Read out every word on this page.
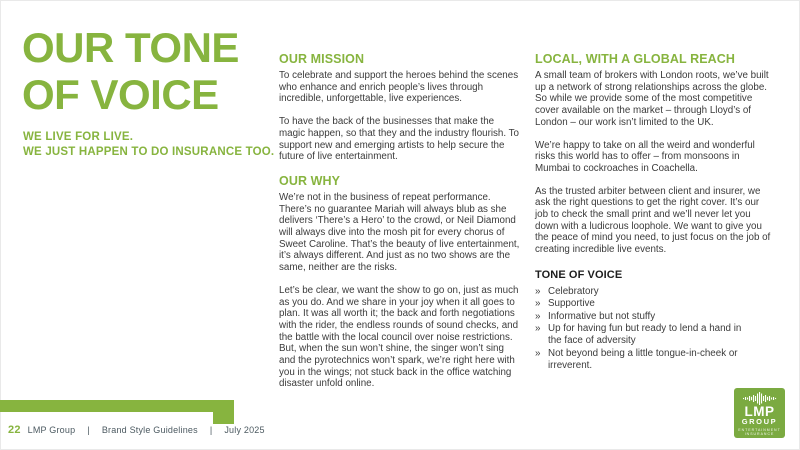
OUR TONE
OF VOICE
WE LIVE FOR LIVE.
WE JUST HAPPEN TO DO INSURANCE TOO.
OUR MISSION

To celebrate and support the heroes behind the scenes who enhance and enrich people’s lives through incredible, unforgettable, live experiences.

To have the back of the businesses that make the magic happen, so that they and the industry flourish. To support new and emerging artists to help secure the future of live entertainment.

OUR WHY

We’re not in the business of repeat performance. There’s no guarantee Mariah will always blub as she delivers ‘There’s a Hero’ to the crowd, or Neil Diamond will always dive into the mosh pit for every chorus of Sweet Caroline. That’s the beauty of live entertainment, it’s always different. And just as no two shows are the same, neither are the risks.

Let’s be clear, we want the show to go on, just as much as you do. And we share in your joy when it all goes to plan. It was all worth it; the back and forth negotiations with the rider, the endless rounds of sound checks, and the battle with the local council over noise restrictions. But, when the sun won’t shine, the singer won’t sing and the pyrotechnics won’t spark, we’re right here with you in the wings; not stuck back in the office watching disaster unfold online.

LOCAL, WITH A GLOBAL REACH

A small team of brokers with London roots, we’ve built up a network of strong relationships across the globe. So while we provide some of the most competitive cover available on the market – through Lloyd’s of London – our work isn’t limited to the UK.

We’re happy to take on all the weird and wonderful risks this world has to offer – from monsoons in Mumbai to cockroaches in Coachella.

As the trusted arbiter between client and insurer, we ask the right questions to get the right cover. It’s our job to check the small print and we’ll never let you down with a ludicrous loophole. We want to give you the peace of mind you need, to just focus on the job of creating incredible live events.

TONE OF VOICE
» Celebratory
» Supportive
» Informative but not stuffy
» Up for having fun but ready to lend a hand in the face of adversity
» Not beyond being a little tongue-in-cheek or irreverent.
22 LMP Group | Brand Style Guidelines | July 2025
LMP
GROUP
ENTERTAINMENT
INSURANCE
